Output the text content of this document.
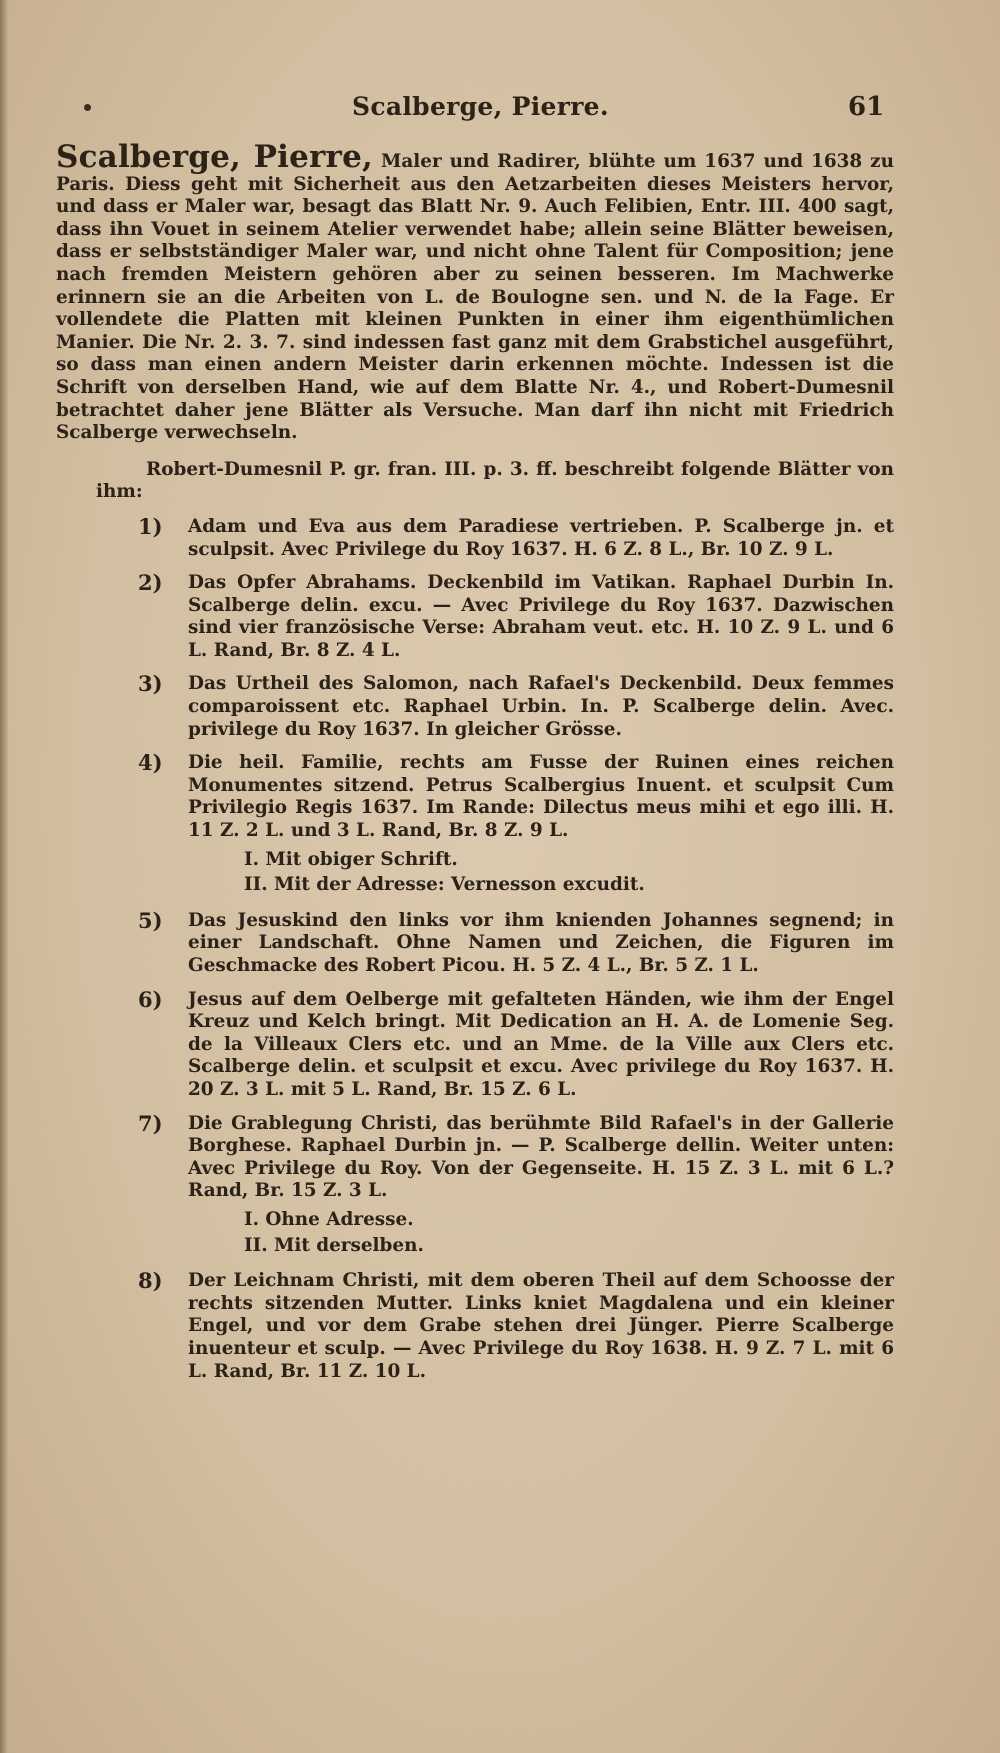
Scalberge, Pierre.	61

Scalberge, Pierre, Maler und Radirer, blühte um 1637 und 1638 zu Paris. Diess geht mit Sicherheit aus den Aetzarbeiten dieses Meisters hervor, und dass er Maler war, besagt das Blatt Nr. 9. Auch Felibien, Entr. III. 400 sagt, dass ihn Vouet in seinem Atelier verwendet habe; allein seine Blätter beweisen, dass er selbstständiger Maler war, und nicht ohne Talent für Composition; jene nach fremden Meistern gehören aber zu seinen besseren. Im Machwerke erinnern sie an die Arbeiten von L. de Boulogne sen. und N. de la Fage. Er vollendete die Platten mit kleinen Punkten in einer ihm eigenthümlichen Manier. Die Nr. 2. 3. 7. sind indessen fast ganz mit dem Grabstichel ausgeführt, so dass man einen andern Meister darin erkennen möchte. Indessen ist die Schrift von derselben Hand, wie auf dem Blatte Nr. 4., und Robert-Dumesnil betrachtet daher jene Blätter als Versuche. Man darf ihn nicht mit Friedrich Scalberge verwechseln.

Robert-Dumesnil P. gr. fran. III. p. 3. ff. beschreibt folgende Blätter von ihm:

1) Adam und Eva aus dem Paradiese vertrieben. P. Scalberge jn. et sculpsit. Avec Privilege du Roy 1637. H. 6 Z. 8 L., Br. 10 Z. 9 L.
2) Das Opfer Abrahams. Deckenbild im Vatikan. Raphael Durbin In. Scalberge delin. excu. — Avec Privilege du Roy 1637. Dazwischen sind vier französische Verse: Abraham veut. etc. H. 10 Z. 9 L. und 6 L. Rand, Br. 8 Z. 4 L.
3) Das Urtheil des Salomon, nach Rafael's Deckenbild. Deux femmes comparoissent etc. Raphael Urbin. In. P. Scalberge delin. Avec. privilege du Roy 1637. In gleicher Grösse.
4) Die heil. Familie, rechts am Fusse der Ruinen eines reichen Monumentes sitzend. Petrus Scalbergius Inuent. et sculpsit Cum Privilegio Regis 1637. Im Rande: Dilectus meus mihi et ego illi. H. 11 Z. 2 L. und 3 L. Rand, Br. 8 Z. 9 L.

I. Mit obiger Schrift.

II. Mit der Adresse: Vernesson excudit.

5) Das Jesuskind den links vor ihm knienden Johannes segnend; in einer Landschaft. Ohne Namen und Zeichen, die Figuren im Geschmacke des Robert Picou. H. 5 Z. 4 L., Br. 5 Z. 1 L.
6) Jesus auf dem Oelberge mit gefalteten Händen, wie ihm der Engel Kreuz und Kelch bringt. Mit Dedication an H. A. de Lomenie Seg. de la Villeaux Clers etc. und an Mme. de la Ville aux Clers etc. Scalberge delin. et sculpsit et excu. Avec privilege du Roy 1637. H. 20 Z. 3 L. mit 5 L. Rand, Br. 15 Z. 6 L.
7) Die Grablegung Christi, das berühmte Bild Rafael's in der Gallerie Borghese. Raphael Durbin jn. — P. Scalberge dellin. Weiter unten: Avec Privilege du Roy. Von der Gegenseite. H. 15 Z. 3 L. mit 6 L.? Rand, Br. 15 Z. 3 L.

I. Ohne Adresse.

II. Mit derselben.

8) Der Leichnam Christi, mit dem oberen Theil auf dem Schoosse der rechts sitzenden Mutter. Links kniet Magdalena und ein kleiner Engel, und vor dem Grabe stehen drei Jünger. Pierre Scalberge inuenteur et sculp. — Avec Privilege du Roy 1638. H. 9 Z. 7 L. mit 6 L. Rand, Br. 11 Z. 10 L.
